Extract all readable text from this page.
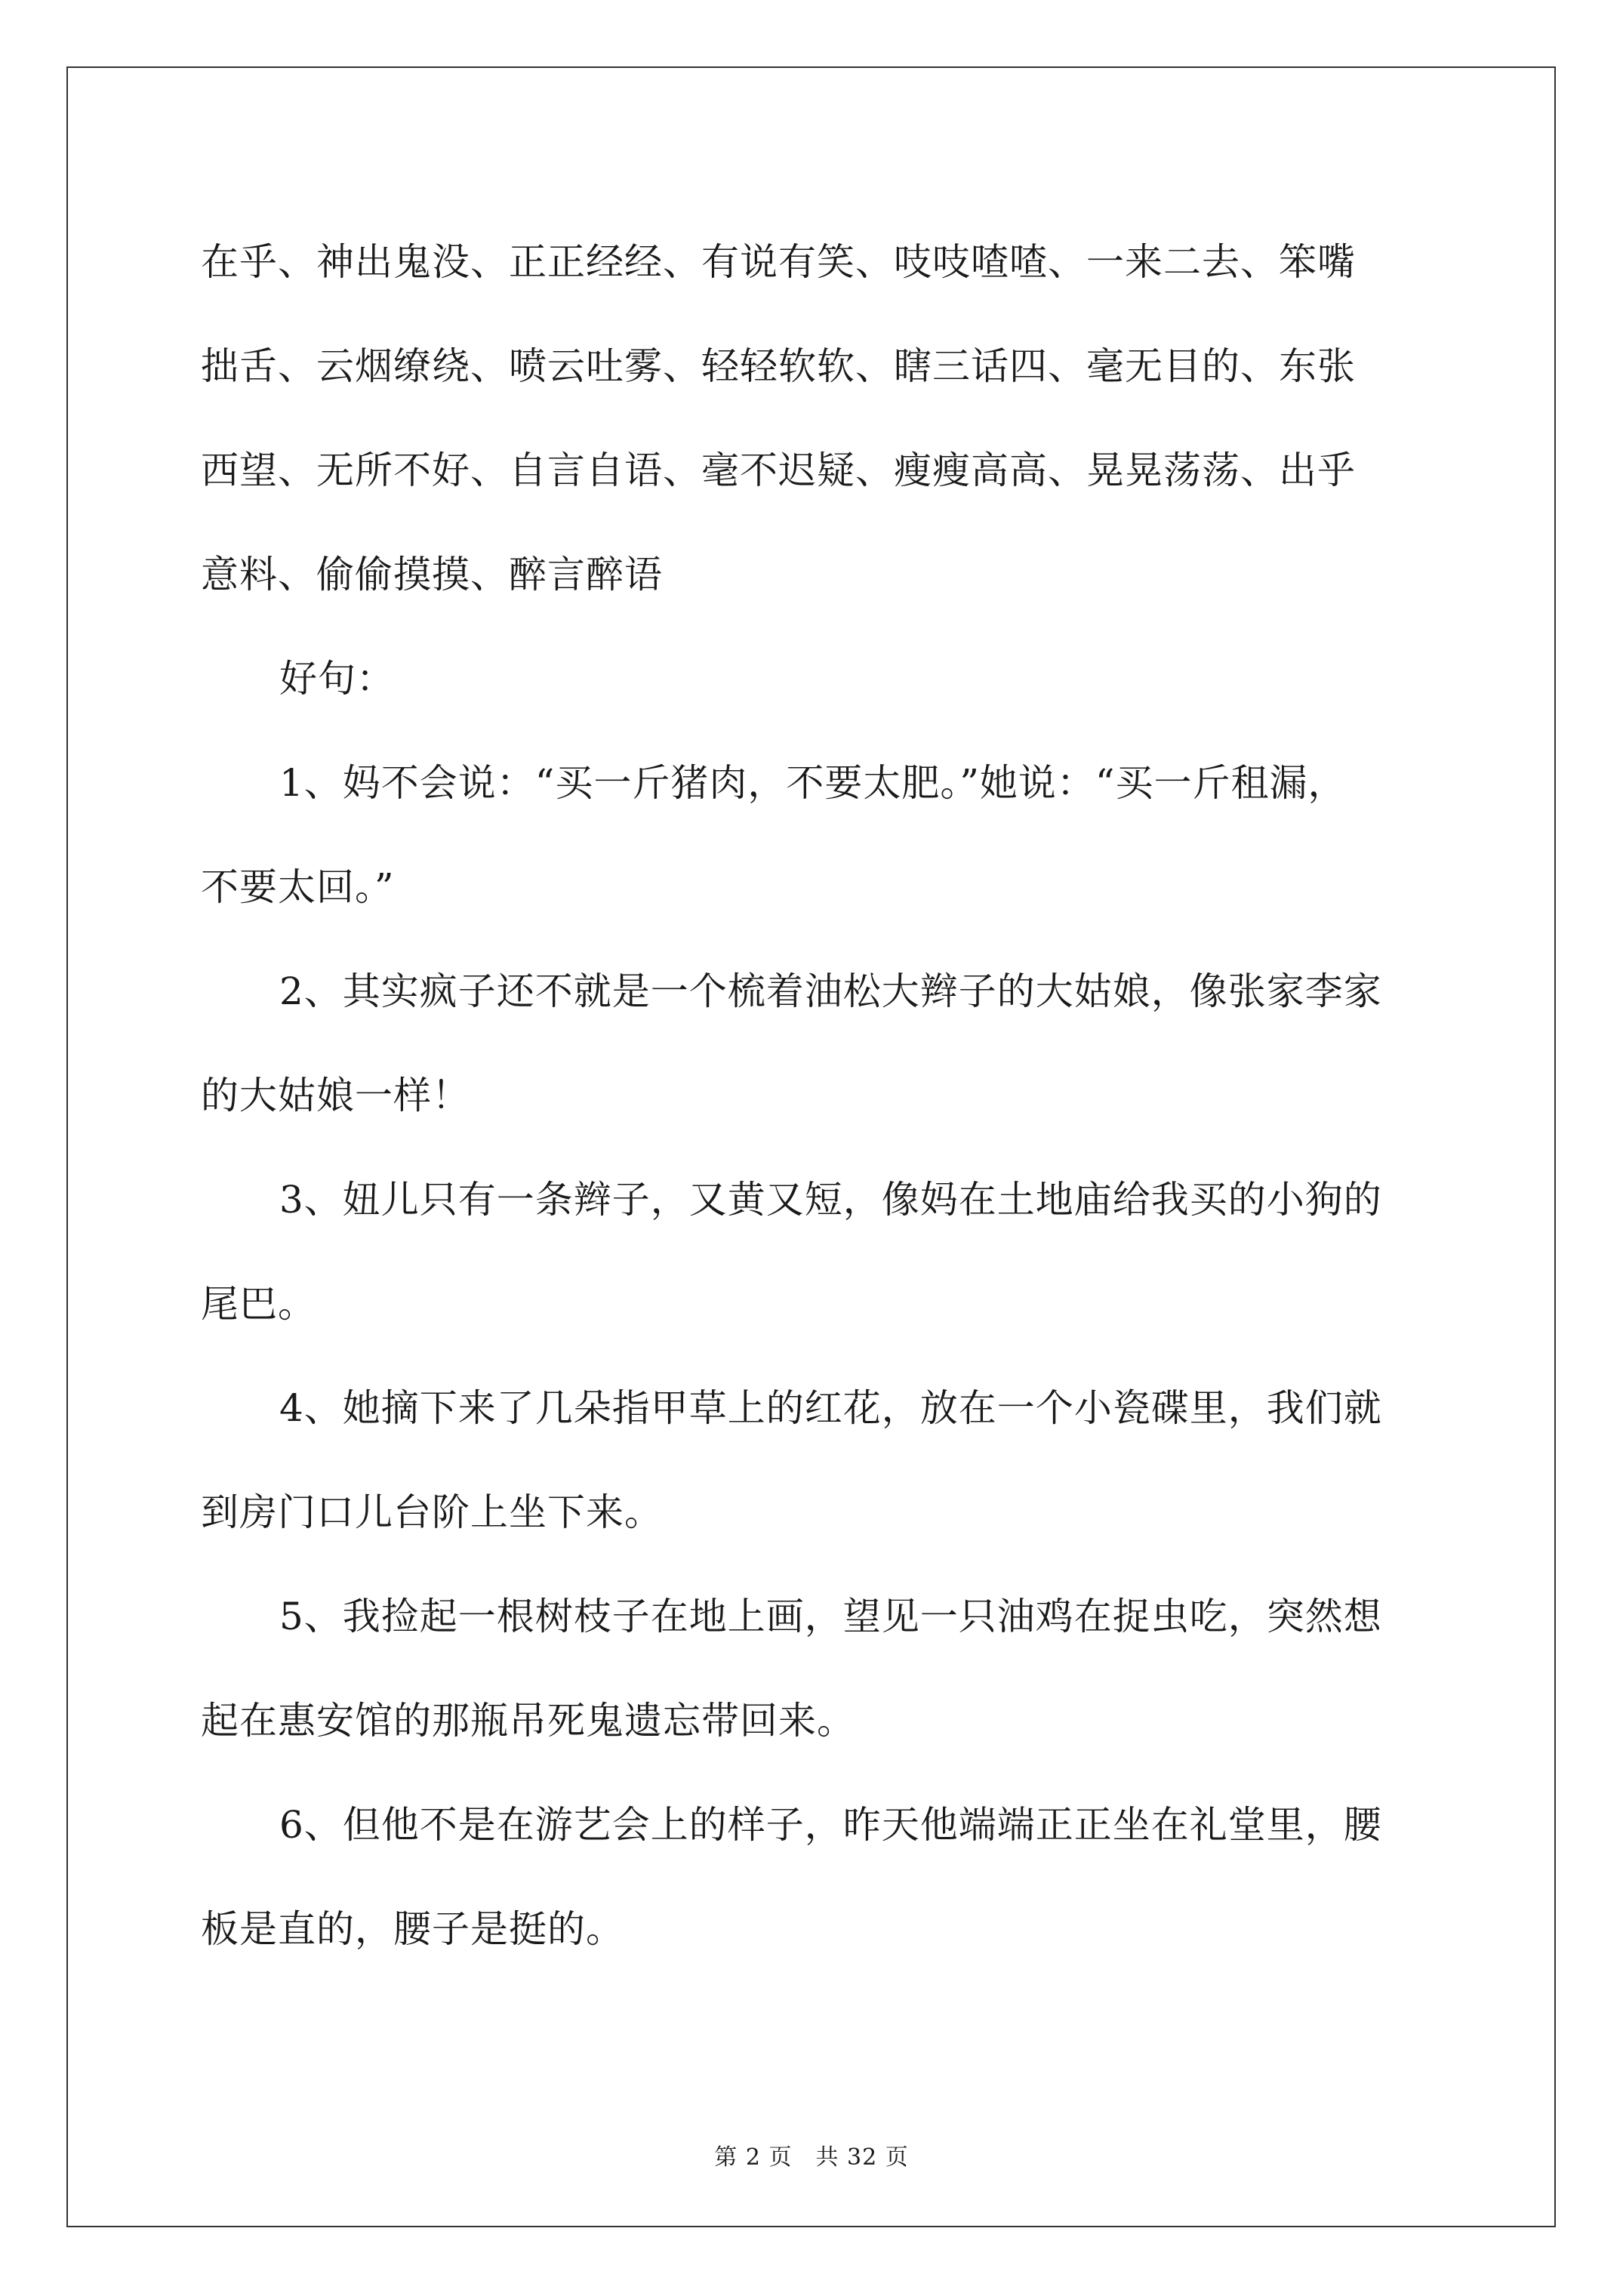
在乎、神出鬼没、正正经经、有说有笑、吱吱喳喳、一来二去、笨嘴
拙舌、云烟缭绕、喷云吐雾、轻轻软软、瞎三话四、毫无目的、东张
西望、无所不好、自言自语、毫不迟疑、瘦瘦高高、晃晃荡荡、出乎
意料、偷偷摸摸、醉言醉语
好句：
1、妈不会说：“买一斤猪肉，不要太肥。”她说：“买一斤租漏，
不要太回。”
2、其实疯子还不就是一个梳着油松大辫子的大姑娘，像张家李家
的大姑娘一样！
3、妞儿只有一条辫子，又黄又短，像妈在土地庙给我买的小狗的
尾巴。
4、她摘下来了几朵指甲草上的红花，放在一个小瓷碟里，我们就
到房门口儿台阶上坐下来。
5、我捡起一根树枝子在地上画，望见一只油鸡在捉虫吃，突然想
起在惠安馆的那瓶吊死鬼遗忘带回来。
6、但他不是在游艺会上的样子，昨天他端端正正坐在礼堂里，腰
板是直的，腰子是挺的。
第 2 页　共 32 页
